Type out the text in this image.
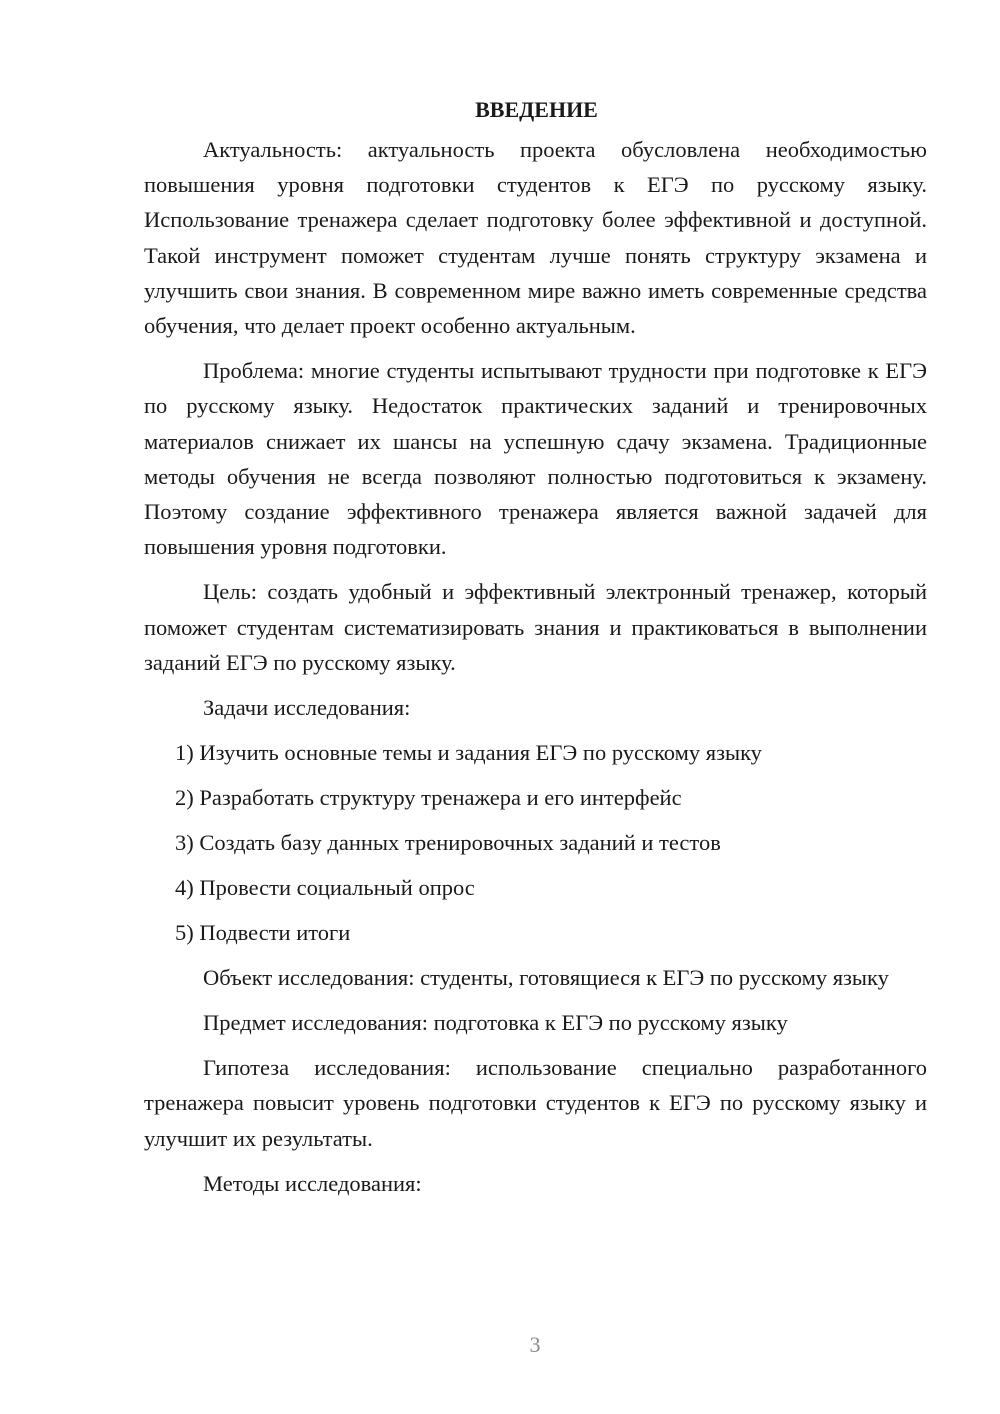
ВВЕДЕНИЕ

Актуальность: актуальность проекта обусловлена необходимостью повышения уровня подготовки студентов к ЕГЭ по русскому языку. Использование тренажера сделает подготовку более эффективной и доступной. Такой инструмент поможет студентам лучше понять структуру экзамена и улучшить свои знания. В современном мире важно иметь современные средства обучения, что делает проект особенно актуальным.

Проблема: многие студенты испытывают трудности при подготовке к ЕГЭ по русскому языку. Недостаток практических заданий и тренировочных материалов снижает их шансы на успешную сдачу экзамена. Традиционные методы обучения не всегда позволяют полностью подготовиться к экзамену. Поэтому создание эффективного тренажера является важной задачей для повышения уровня подготовки.

Цель: создать удобный и эффективный электронный тренажер, который поможет студентам систематизировать знания и практиковаться в выполнении заданий ЕГЭ по русскому языку.

Задачи исследования:

1) Изучить основные темы и задания ЕГЭ по русскому языку
2) Разработать структуру тренажера и его интерфейс
3) Создать базу данных тренировочных заданий и тестов
4) Провести социальный опрос
5) Подвести итоги

Объект исследования: студенты, готовящиеся к ЕГЭ по русскому языку

Предмет исследования: подготовка к ЕГЭ по русскому языку

Гипотеза исследования: использование специально разработанного тренажера повысит уровень подготовки студентов к ЕГЭ по русскому языку и улучшит их результаты.

Методы исследования:

3
